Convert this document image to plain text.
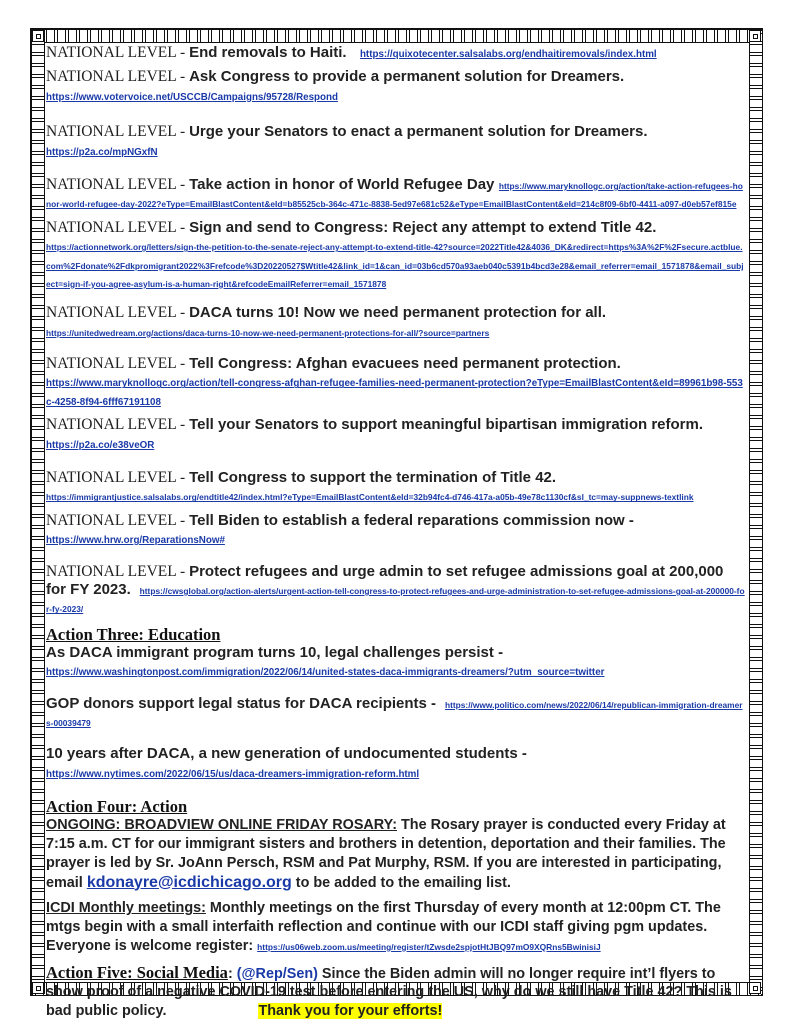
NATIONAL LEVEL - End removals to Haiti. https://quixotecenter.salsalabs.org/endhaitiremovals/index.html

NATIONAL LEVEL - Ask Congress to provide a permanent solution for Dreamers.
https://www.votervoice.net/USCCB/Campaigns/95728/Respond

NATIONAL LEVEL - Urge your Senators to enact a permanent solution for Dreamers.
https://p2a.co/mpNGxfN

NATIONAL LEVEL - Take action in honor of World Refugee Day https://www.maryknollogc.org/action/take-action-refugees-honor-world-refugee-day-2022?eType=EmailBlastContent&eId=b85525cb-364c-471c-8838-5ed97e681c52&eType=EmailBlastContent&eId=214c8f09-6bf0-4411-a097-d0eb57ef815e

NATIONAL LEVEL - Sign and send to Congress: Reject any attempt to extend Title 42.
https://actionnetwork.org/letters/sign-the-petition-to-the-senate-reject-any-attempt-to-extend-title-42?source=2022Title42&4036_DK&redirect=https%3A%2F%2Fsecure.actblue.com%2Fdonate%2Fdkpromigrant2022%3Frefcode%3D20220527$Wtitle42&link_id=1&can_id=03b6cd570a93aeb040c5391b4bcd3e28&email_referrer=email_1571878&email_subject=sign-if-you-agree-asylum-is-a-human-right&refcodeEmailReferrer=email_1571878

NATIONAL LEVEL - DACA turns 10! Now we need permanent protection for all.
https://unitedwedream.org/actions/daca-turns-10-now-we-need-permanent-protections-for-all/?source=partners

NATIONAL LEVEL - Tell Congress: Afghan evacuees need permanent protection.
https://www.maryknollogc.org/action/tell-congress-afghan-refugee-families-need-permanent-protection?eType=EmailBlastContent&eId=89961b98-553c-4258-8f94-6fff67191108

NATIONAL LEVEL - Tell your Senators to support meaningful bipartisan immigration reform.
https://p2a.co/e38veOR

NATIONAL LEVEL - Tell Congress to support the termination of Title 42.
https://immigrantjustice.salsalabs.org/endtitle42/index.html?eType=EmailBlastContent&eId=32b94fc4-d746-417a-a05b-49e78c1130cf&sl_tc=may-suppnews-textlink

NATIONAL LEVEL - Tell Biden to establish a federal reparations commission now -
https://www.hrw.org/ReparationsNow#

NATIONAL LEVEL - Protect refugees and urge admin to set refugee admissions goal at 200,000 for FY 2023. https://cwsglobal.org/action-alerts/urgent-action-tell-congress-to-protect-refugees-and-urge-administration-to-set-refugee-admissions-goal-at-200000-for-fy-2023/

Action Three: Education

As DACA immigrant program turns 10, legal challenges persist -
https://www.washingtonpost.com/immigration/2022/06/14/united-states-daca-immigrants-dreamers/?utm_source=twitter

GOP donors support legal status for DACA recipients - https://www.politico.com/news/2022/06/14/republican-immigration-dreamers-00039479

10 years after DACA, a new generation of undocumented students -
https://www.nytimes.com/2022/06/15/us/daca-dreamers-immigration-reform.html

Action Four: Action

ONGOING: BROADVIEW ONLINE FRIDAY ROSARY: The Rosary prayer is conducted every Friday at 7:15 a.m. CT for our immigrant sisters and brothers in detention, deportation and their families. The prayer is led by Sr. JoAnn Persch, RSM and Pat Murphy, RSM. If you are interested in participating, email kdonayre@icdichicago.org to be added to the emailing list.

ICDI Monthly meetings: Monthly meetings on the first Thursday of every month at 12:00pm CT. The mtgs begin with a small interfaith reflection and continue with our ICDI staff giving pgm updates. Everyone is welcome register: https://us06web.zoom.us/meeting/register/tZwsde2spjotHtJBQ97mO9XQRns5BwinisiJ

Action Five: Social Media: (@Rep/Sen) Since the Biden admin will no longer require int’l flyers to show proof of a negative COVID-19 test before entering the US, why do we still have Title 42? This is bad public policy.	Thank you for your efforts!
